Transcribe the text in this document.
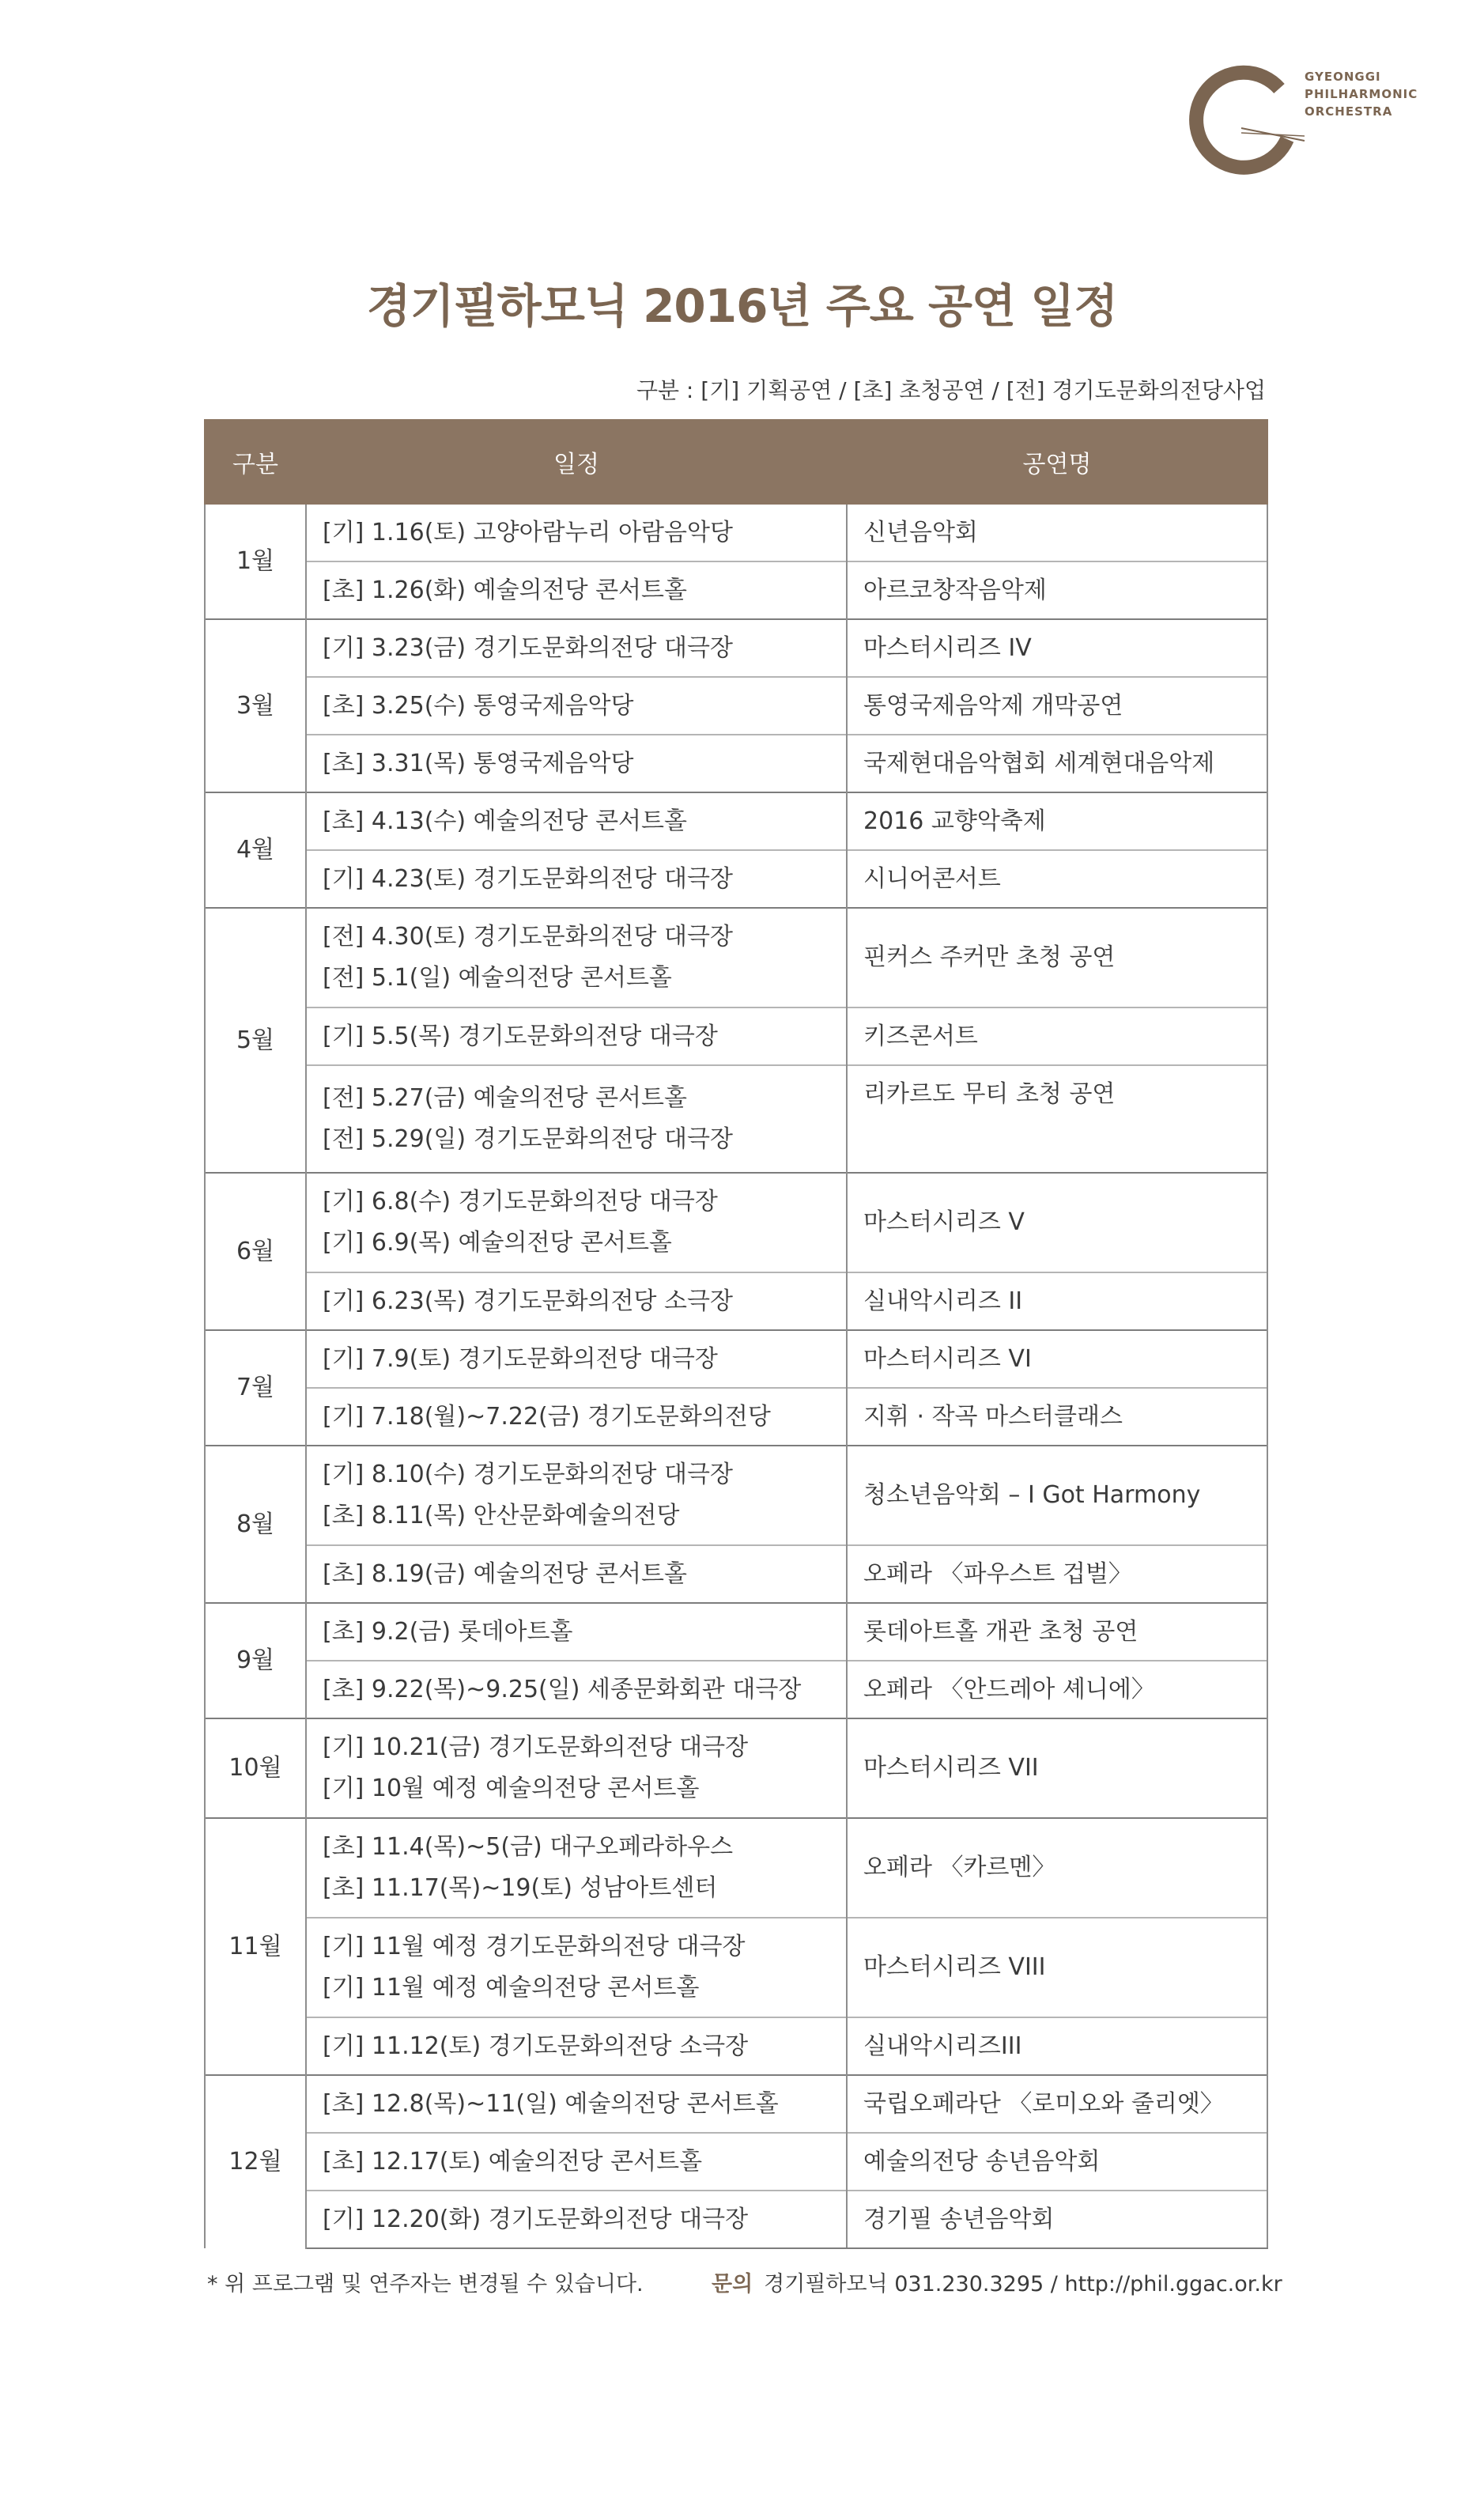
GYEONGGI
PHILHARMONIC
ORCHESTRA
경기필하모닉 2016년 주요 공연 일정
구분 : [기] 기획공연 / [초] 초청공연 / [전] 경기도문화의전당사업
구분	일정	공연명
1월	[기] 1.16(토) 고양아람누리 아람음악당	신년음악회

	[초] 1.26(화) 예술의전당 콘서트홀	아르코창작음악제
3월	[기] 3.23(금) 경기도문화의전당 대극장	마스터시리즈 IV

	[초] 3.25(수) 통영국제음악당	통영국제음악제 개막공연

	[초] 3.31(목) 통영국제음악당	국제현대음악협회 세계현대음악제
4월	[초] 4.13(수) 예술의전당 콘서트홀	2016 교향악축제

	[기] 4.23(토) 경기도문화의전당 대극장	시니어콘서트
5월	[전] 4.30(토) 경기도문화의전당 대극장
[전] 5.1(일) 예술의전당 콘서트홀	핀커스 주커만 초청 공연

	[기] 5.5(목) 경기도문화의전당 대극장	키즈콘서트

	[전] 5.27(금) 예술의전당 콘서트홀
[전] 5.29(일) 경기도문화의전당 대극장	리카르도 무티 초청 공연
6월	[기] 6.8(수) 경기도문화의전당 대극장
[기] 6.9(목) 예술의전당 콘서트홀	마스터시리즈 V

	[기] 6.23(목) 경기도문화의전당 소극장	실내악시리즈 II
7월	[기] 7.9(토) 경기도문화의전당 대극장	마스터시리즈 VI

	[기] 7.18(월)~7.22(금) 경기도문화의전당	지휘 · 작곡 마스터클래스
8월	[기] 8.10(수) 경기도문화의전당 대극장
[초] 8.11(목) 안산문화예술의전당	청소년음악회 – I Got Harmony

	[초] 8.19(금) 예술의전당 콘서트홀	오페라 〈파우스트 겁벌〉
9월	[초] 9.2(금) 롯데아트홀	롯데아트홀 개관 초청 공연

	[초] 9.22(목)~9.25(일) 세종문화회관 대극장	오페라 〈안드레아 셰니에〉
10월	[기] 10.21(금) 경기도문화의전당 대극장
[기] 10월 예정 예술의전당 콘서트홀	마스터시리즈 VII
11월	[초] 11.4(목)~5(금) 대구오페라하우스
[초] 11.17(목)~19(토) 성남아트센터	오페라 〈카르멘〉

	[기] 11월 예정 경기도문화의전당 대극장
[기] 11월 예정 예술의전당 콘서트홀	마스터시리즈 VIII

	[기] 11.12(토) 경기도문화의전당 소극장	실내악시리즈III
12월	[초] 12.8(목)~11(일) 예술의전당 콘서트홀	국립오페라단 〈로미오와 줄리엣〉

	[초] 12.17(토) 예술의전당 콘서트홀	예술의전당 송년음악회

	[기] 12.20(화) 경기도문화의전당 대극장	경기필 송년음악회
* 위 프로그램 및 연주자는 변경될 수 있습니다.	문의 경기필하모닉 031.230.3295 / http://phil.ggac.or.kr
